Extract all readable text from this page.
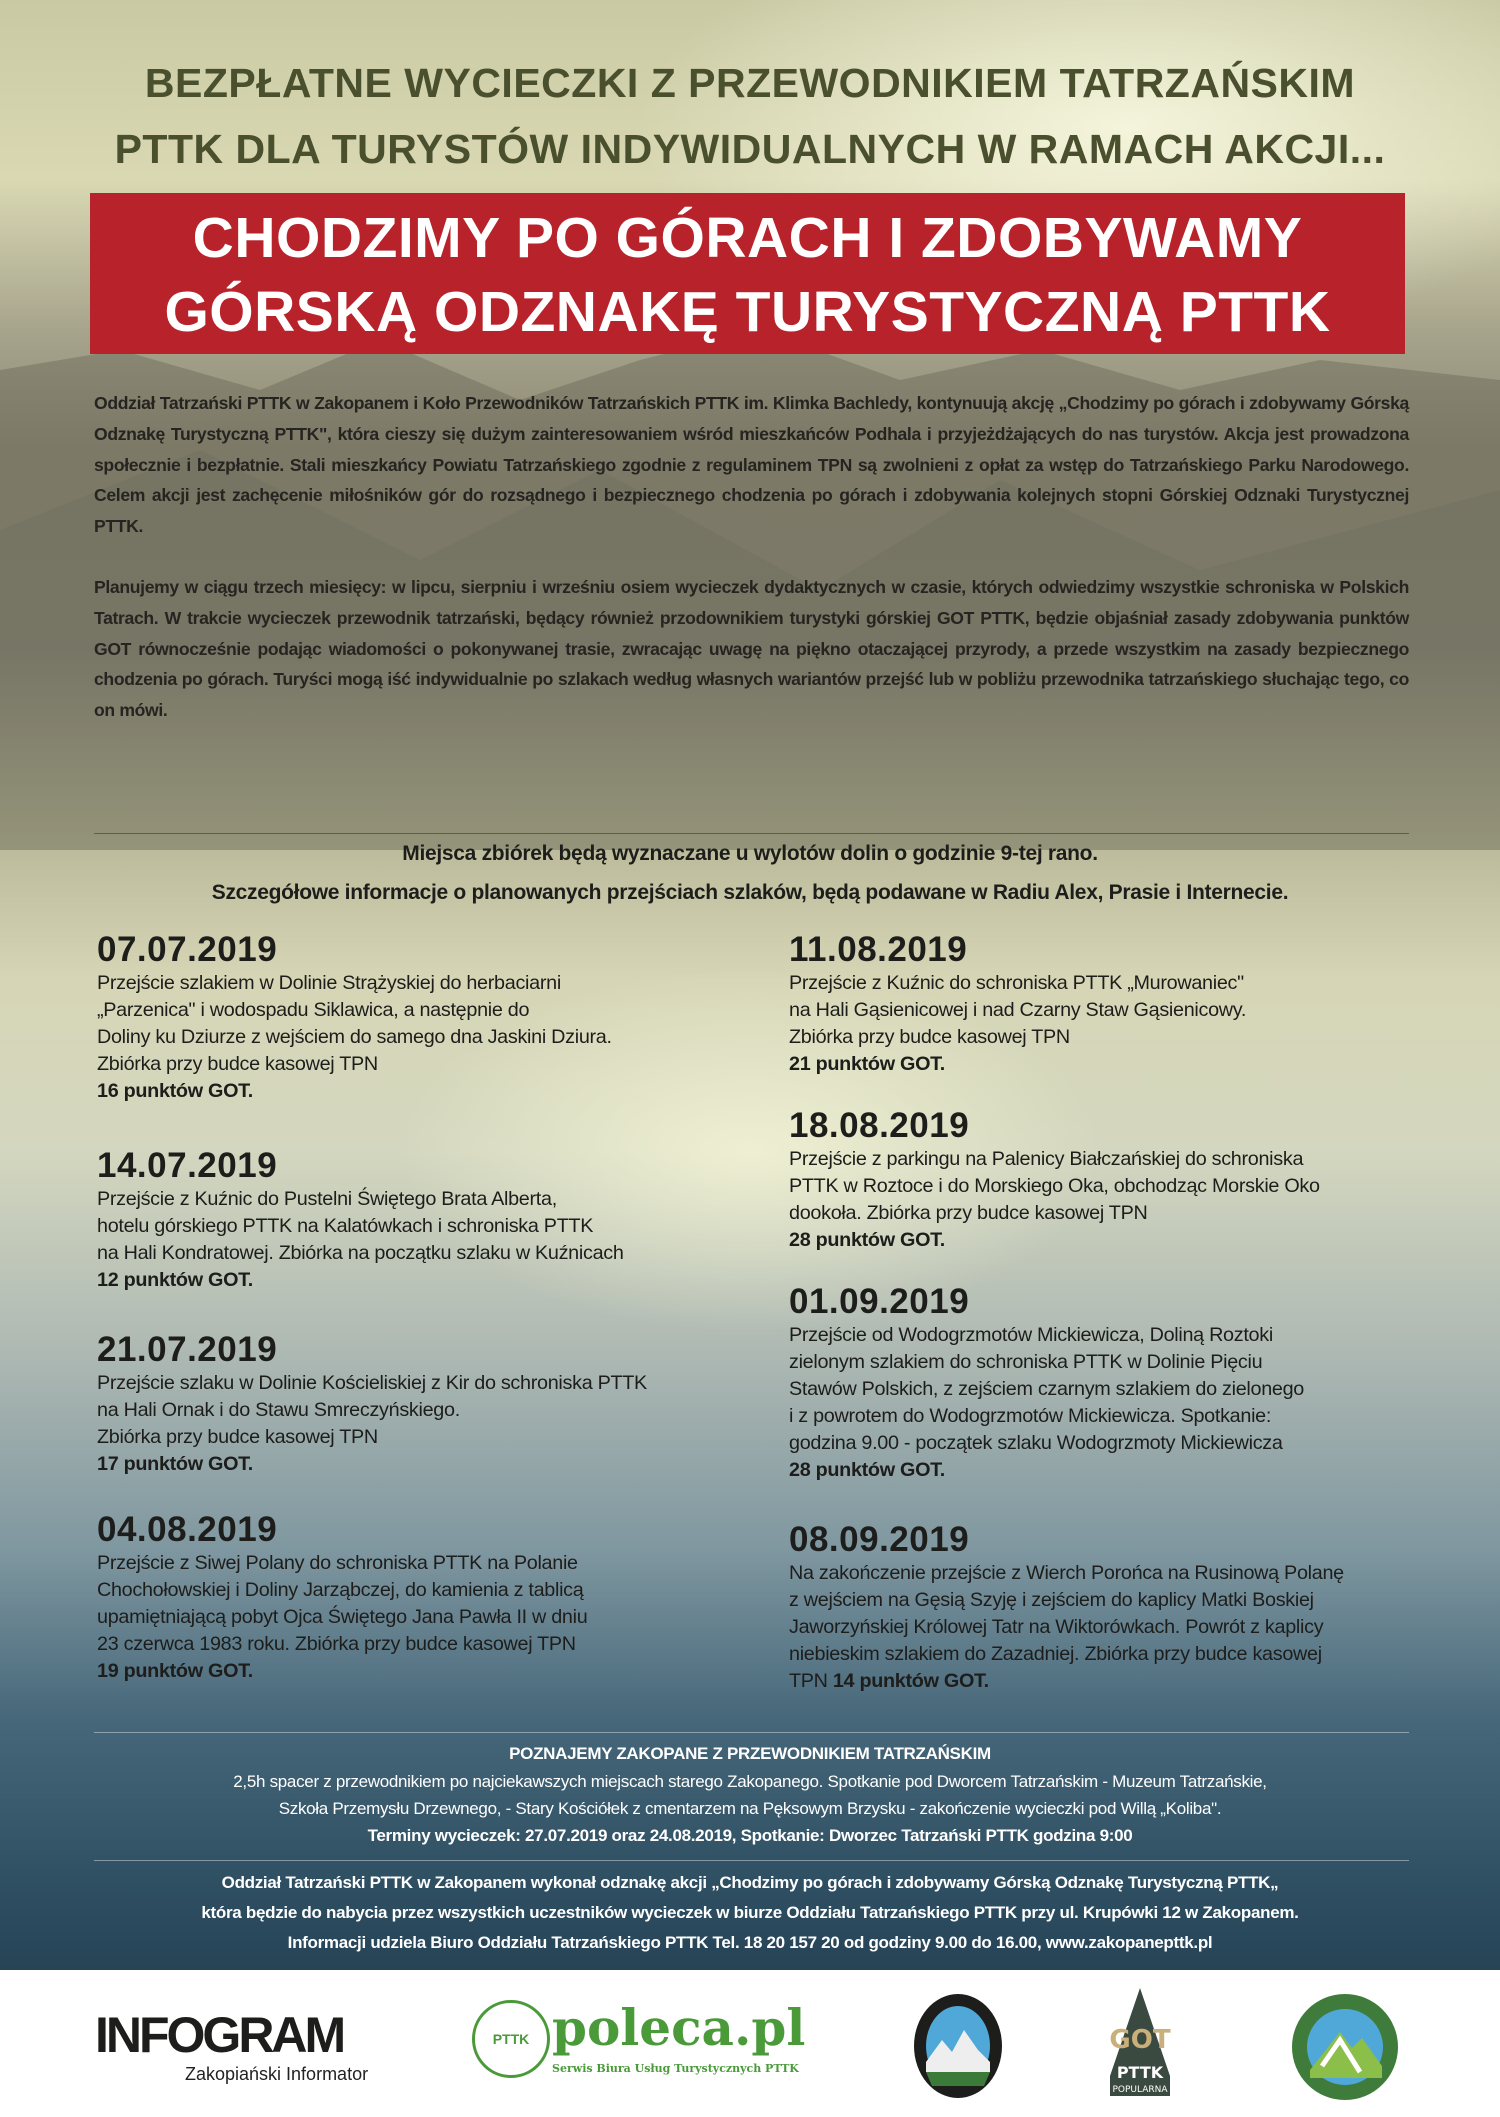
BEZPŁATNE WYCIECZKI Z PRZEWODNIKIEM TATRZAŃSKIM
PTTK DLA TURYSTÓW INDYWIDUALNYCH W RAMACH AKCJI...
CHODZIMY PO GÓRACH I ZDOBYWAMY
GÓRSKĄ ODZNAKĘ TURYSTYCZNĄ PTTK

Oddział Tatrzański PTTK w Zakopanem i Koło Przewodników Tatrzańskich PTTK im. Klimka Bachledy, kontynuują akcję „Chodzimy po górach i zdobywamy Górską Odznakę Turystyczną PTTK", która cieszy się dużym zainteresowaniem wśród mieszkańców Podhala i przyjeżdżających do nas turystów. Akcja jest prowadzona społecznie i bezpłatnie. Stali mieszkańcy Powiatu Tatrzańskiego zgodnie z regulaminem TPN są zwolnieni z opłat za wstęp do Tatrzańskiego Parku Narodowego. Celem akcji jest zachęcenie miłośników gór do rozsądnego i bezpiecznego chodzenia po górach i zdobywania kolejnych stopni Górskiej Odznaki Turystycznej PTTK.

Planujemy w ciągu trzech miesięcy: w lipcu, sierpniu i wrześniu osiem wycieczek dydaktycznych w czasie, których odwiedzimy wszystkie schroniska w Polskich Tatrach. W trakcie wycieczek przewodnik tatrzański, będący również przodownikiem turystyki górskiej GOT PTTK, będzie objaśniał zasady zdobywania punktów GOT równocześnie podając wiadomości o pokonywanej trasie, zwracając uwagę na piękno otaczającej przyrody, a przede wszystkim na zasady bezpiecznego chodzenia po górach. Turyści mogą iść indywidualnie po szlakach według własnych wariantów przejść lub w pobliżu przewodnika tatrzańskiego słuchając tego, co on mówi.

Miejsca zbiórek będą wyznaczane u wylotów dolin o godzinie 9-tej rano.
Szczegółowe informacje o planowanych przejściach szlaków, będą podawane w Radiu Alex, Prasie i Internecie.
07.07.2019
Przejście szlakiem w Dolinie Strążyskiej do herbaciarni
„Parzenica" i wodospadu Siklawica, a następnie do
Doliny ku Dziurze z wejściem do samego dna Jaskini Dziura.
Zbiórka przy budce kasowej TPN
16 punktów GOT.
14.07.2019
Przejście z Kuźnic do Pustelni Świętego Brata Alberta,
hotelu górskiego PTTK na Kalatówkach i schroniska PTTK
na Hali Kondratowej. Zbiórka na początku szlaku w Kuźnicach
12 punktów GOT.
21.07.2019
Przejście szlaku w Dolinie Kościeliskiej z Kir do schroniska PTTK
na Hali Ornak i do Stawu Smreczyńskiego.
Zbiórka przy budce kasowej TPN
17 punktów GOT.
04.08.2019
Przejście z Siwej Polany do schroniska PTTK na Polanie
Chochołowskiej i Doliny Jarząbczej, do kamienia z tablicą
upamiętniającą pobyt Ojca Świętego Jana Pawła II w dniu
23 czerwca 1983 roku. Zbiórka przy budce kasowej TPN
19 punktów GOT.
11.08.2019
Przejście z Kuźnic do schroniska PTTK „Murowaniec"
na Hali Gąsienicowej i nad Czarny Staw Gąsienicowy.
Zbiórka przy budce kasowej TPN
21 punktów GOT.
18.08.2019
Przejście z parkingu na Palenicy Białczańskiej do schroniska
PTTK w Roztoce i do Morskiego Oka, obchodząc Morskie Oko
dookoła. Zbiórka przy budce kasowej TPN
28 punktów GOT.
01.09.2019
Przejście od Wodogrzmotów Mickiewicza, Doliną Roztoki
zielonym szlakiem do schroniska PTTK w Dolinie Pięciu
Stawów Polskich, z zejściem czarnym szlakiem do zielonego
i z powrotem do Wodogrzmotów Mickiewicza. Spotkanie:
godzina 9.00 - początek szlaku Wodogrzmoty Mickiewicza
28 punktów GOT.
08.09.2019
Na zakończenie przejście z Wierch Porońca na Rusinową Polanę
z wejściem na Gęsią Szyję i zejściem do kaplicy Matki Boskiej
Jaworzyńskiej Królowej Tatr na Wiktorówkach. Powrót z kaplicy
niebieskim szlakiem do Zazadniej. Zbiórka przy budce kasowej
TPN 14 punktów GOT.
POZNAJEMY ZAKOPANE Z PRZEWODNIKIEM TATRZAŃSKIM
2,5h spacer z przewodnikiem po najciekawszych miejscach starego Zakopanego. Spotkanie pod Dworcem Tatrzańskim - Muzeum Tatrzańskie,
Szkoła Przemysłu Drzewnego, - Stary Kościółek z cmentarzem na Pęksowym Brzysku - zakończenie wycieczki pod Willą „Koliba".
Terminy wycieczek: 27.07.2019 oraz 24.08.2019, Spotkanie: Dworzec Tatrzański PTTK godzina 9:00
Oddział Tatrzański PTTK w Zakopanem wykonał odznakę akcji „Chodzimy po górach i zdobywamy Górską Odznakę Turystyczną PTTK„
która będzie do nabycia przez wszystkich uczestników wycieczek w biurze Oddziału Tatrzańskiego PTTK przy ul. Krupówki 12 w Zakopanem.
Informacji udziela Biuro Oddziału Tatrzańskiego PTTK Tel. 18 20 157 20 od godziny 9.00 do 16.00, www.zakopanepttk.pl
INFOGRAM
Zakopiański Informator
PTTK poleca.pl
Serwis Biura Usług Turystycznych PTTK
GOT
PTTK
POPULARNA
